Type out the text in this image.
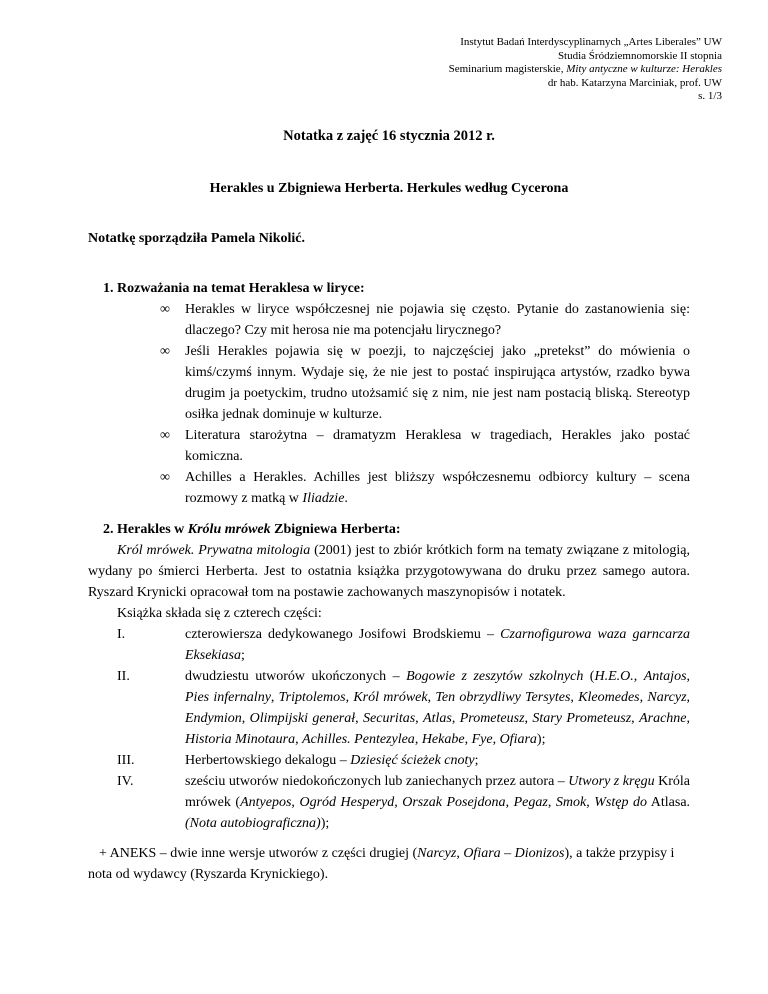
Instytut Badań Interdyscyplinarnych „Artes Liberales” UW
Studia Śródziemnomorskie II stopnia
Seminarium magisterskie, Mity antyczne w kulturze: Herakles
dr hab. Katarzyna Marciniak, prof. UW
s. 1/3
Notatka z zajęć 16 stycznia 2012 r.
Herakles u Zbigniewa Herberta. Herkules według Cycerona

Notatkę sporządziła Pamela Nikolić.

1. Rozważania na temat Heraklesa w liryce:
∞ Herakles w liryce współczesnej nie pojawia się często. Pytanie do zastanowienia się: dlaczego? Czy mit herosa nie ma potencjału lirycznego?
∞ Jeśli Herakles pojawia się w poezji, to najczęściej jako „pretekst” do mówienia o kimś/czymś innym. Wydaje się, że nie jest to postać inspirująca artystów, rzadko bywa drugim ja poetyckim, trudno utożsamić się z nim, nie jest nam postacią bliską. Stereotyp osiłka jednak dominuje w kulturze.
∞ Literatura starożytna – dramatyzm Heraklesa w tragediach, Herakles jako postać komiczna.
∞ Achilles a Herakles. Achilles jest bliższy współczesnemu odbiorcy kultury – scena rozmowy z matką w Iliadzie.
2. Herakles w Królu mrówek Zbigniewa Herberta:

Król mrówek. Prywatna mitologia (2001) jest to zbiór krótkich form na tematy związane z mitologią, wydany po śmierci Herberta. Jest to ostatnia książka przygotowywana do druku przez samego autora. Ryszard Krynicki opracował tom na postawie zachowanych maszynopisów i notatek.

Książka składa się z czterech części:

I.	czterowiersza dedykowanego Josifowi Brodskiemu – Czarnofigurowa waza garncarza Eksekiasa;
II.	dwudziestu utworów ukończonych – Bogowie z zeszytów szkolnych (H.E.O., Antajos, Pies infernalny, Triptolemos, Król mrówek, Ten obrzydliwy Tersytes, Kleomedes, Narcyz, Endymion, Olimpijski generał, Securitas, Atlas, Prometeusz, Stary Prometeusz, Arachne, Historia Minotaura, Achilles. Pentezylea, Hekabe, Fye, Ofiara);
III.	Herbertowskiego dekalogu – Dziesięć ścieżek cnoty;
IV.	sześciu utworów niedokończonych lub zaniechanych przez autora – Utwory z kręgu Króla mrówek (Antyepos, Ogród Hesperyd, Orszak Posejdona, Pegaz, Smok, Wstęp do Atlasa. (Nota autobiograficzna));

+ ANEKS – dwie inne wersje utworów z części drugiej (Narcyz, Ofiara – Dionizos), a także przypisy i nota od wydawcy (Ryszarda Krynickiego).
